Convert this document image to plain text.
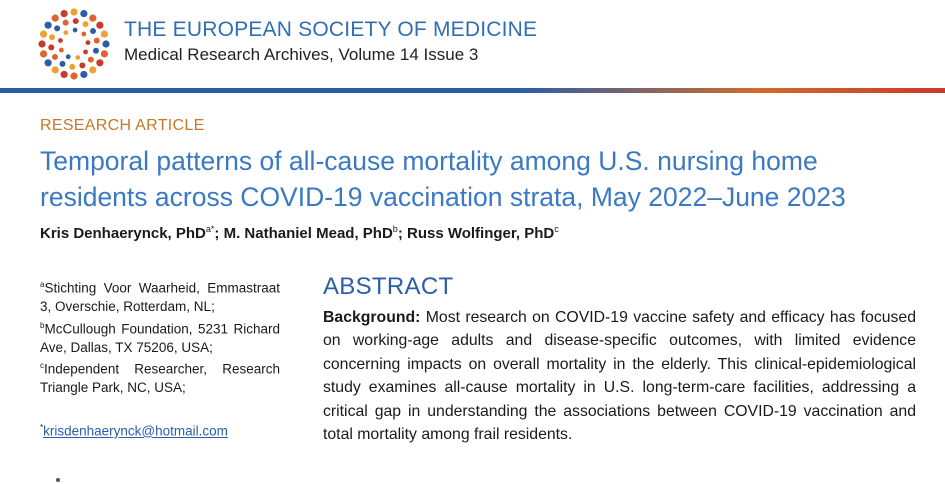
THE EUROPEAN SOCIETY OF MEDICINE
Medical Research Archives, Volume 14 Issue 3
RESEARCH ARTICLE
Temporal patterns of all-cause mortality among U.S. nursing home residents across COVID-19 vaccination strata, May 2022–June 2023
Kris Denhaerynck, PhD$^{a*}$; M. Nathaniel Mead, PhD$^b$; Russ Wolfinger, PhD$^c$
$^a$Stichting Voor Waarheid, Emmastraat 3, Overschie, Rotterdam, NL;
$^b$McCullough Foundation, 5231 Richard Ave, Dallas, TX 75206, USA;
$^c$Independent Researcher, Research Triangle Park, NC, USA;
*krisdenhaerynck@hotmail.com
ABSTRACT
Background: Most research on COVID-19 vaccine safety and efficacy has focused on working-age adults and disease-specific outcomes, with limited evidence concerning impacts on overall mortality in the elderly. This clinical-epidemiological study examines all-cause mortality in U.S. long-term-care facilities, addressing a critical gap in understanding the associations between COVID-19 vaccination and total mortality among frail residents.
